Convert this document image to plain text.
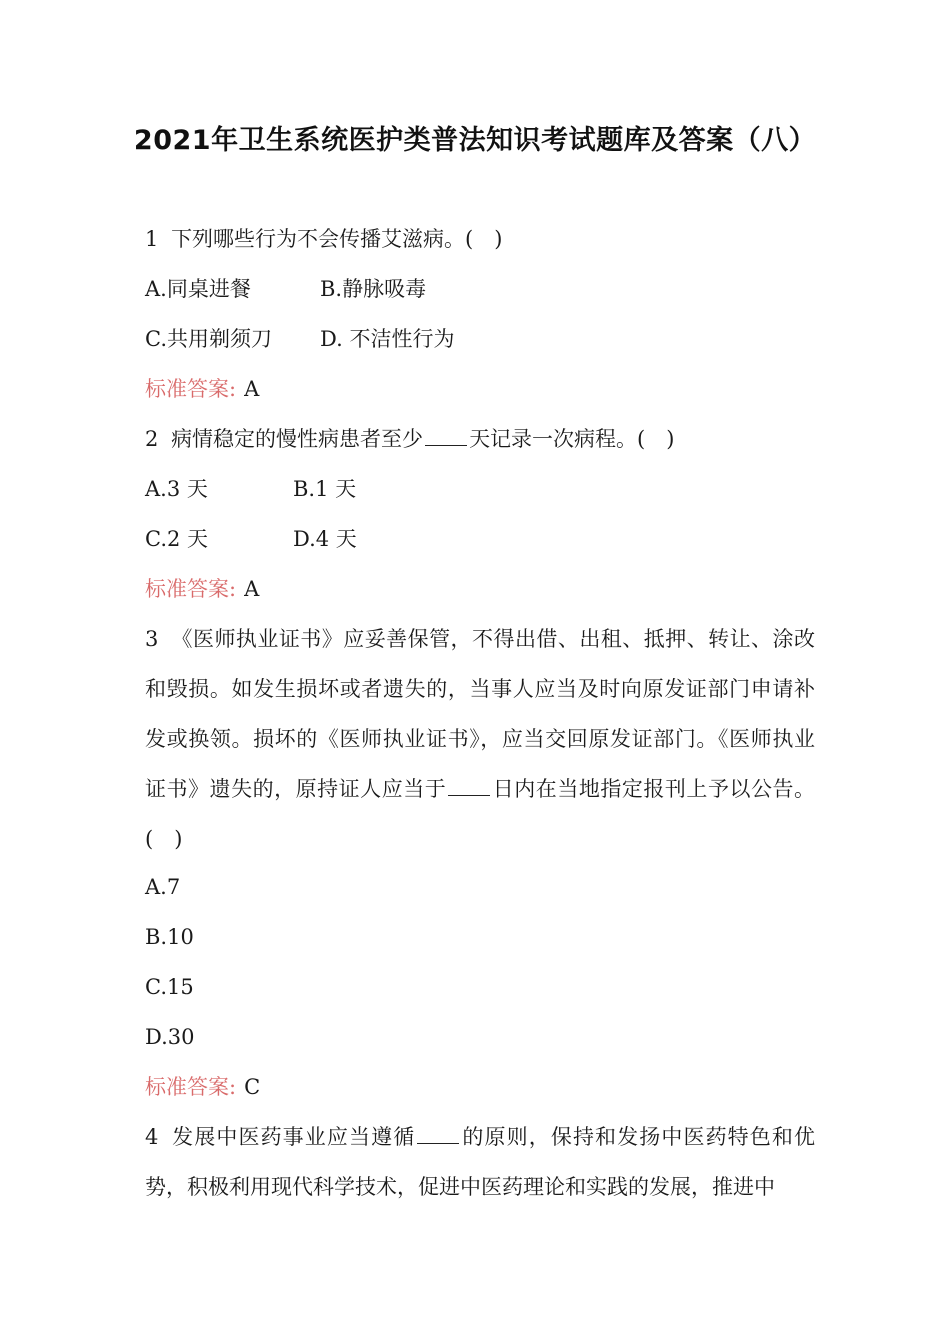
2021年卫生系统医护类普法知识考试题库及答案（八）
1 下列哪些行为不会传播艾滋病。(　)
A.同桌进餐	B.静脉吸毒
C.共用剃须刀 D. 不洁性行为
标准答案: A
2 病情稳定的慢性病患者至少 天记录一次病程。(　)
A.3 天	B.1 天
C.2 天	D.4 天
标准答案: A
3 《医师执业证书》应妥善保管，不得出借、出租、抵押、转让、涂改和毁损。如发生损坏或者遗失的，当事人应当及时向原发证部门申请补发或换领。损坏的《医师执业证书》，应当交回原发证部门。《医师执业证书》遗失的，原持证人应当于 日内在当地指定报刊上予以公告。(　)
A.7
B.10
C.15
D.30
标准答案: C
4 发展中医药事业应当遵循 的原则，保持和发扬中医药特色和优势，积极利用现代科学技术，促进中医药理论和实践的发展，推进中
